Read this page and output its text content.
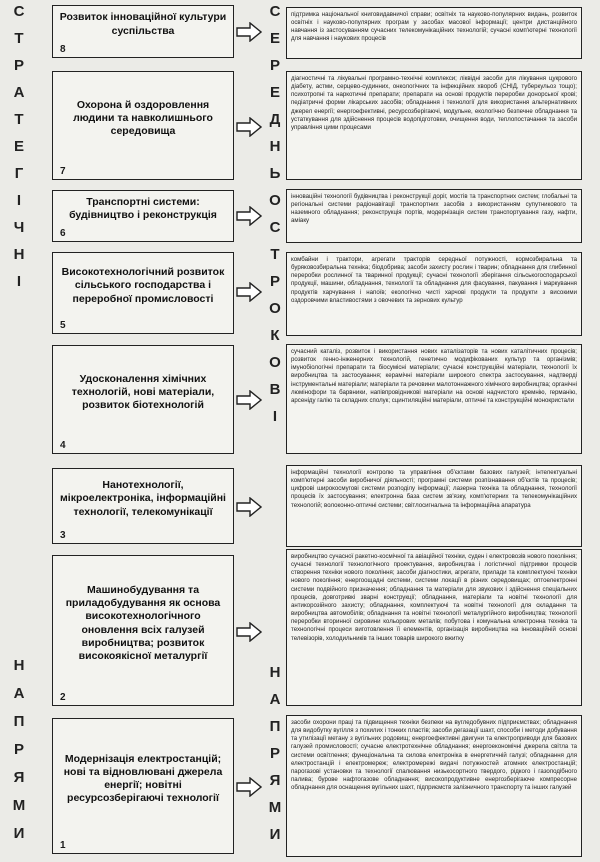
С
Т
Р
А
Т
Е
Г
І
Ч
Н
І
Н
А
П
Р
Я
М
И
С
Е
Р
Е
Д
Н
Ь
О
С
Т
Р
О
К
О
В
І
Н
А
П
Р
Я
М
И
Розвиток інноваційної культури суспільства
8
підтримка національної книговидавничої справи; освітніх та науково-популярних видань, розвиток освітніх і науково-популярних програм у засобах масової інформації; центри дистанційного навчання із застосуванням сучасних телекомунікаційних технологій; сучасні комп'ютерні технології для навчання і наукових процесів
Охорона й оздоровлення людини та навколишнього середовища
7
діагностичні та лікувальні програмно-технічні комплекси; ліквідні засоби для лікування цукрового діабету, астми, серцево-судинних, онкологічних та інфекційних хвороб (СНІД, туберкульоз тощо); психотропні та наркотичні препарати; препарати на основі продуктів переробки донорської крові; педіатричні форми лікарських засобів; обладнання і технології для використання альтернативних джерел енергії; енергоефективні, ресурсозберігаючі, модульне, екологічно безпечне обладнання та устаткування для здійснення процесів водопідготовки, очищення води, теплопостачання та засоби управління цими процесами
Транспортні системи: будівництво і реконструкція
6
інноваційні технології будівництва і реконструкції доріг, мостів та транспортних систем; глобальні та регіональні системи радіонавігації транспортних засобів з використанням супутникового та наземного обладнання; реконструкція портів, модернізація систем транспортування газу, нафти, аміаку
Високотехнологічний розвиток сільського господарства і переробної промисловості
5
комбайни і трактори, агрегати тракторів середньої потужності, кормозбиральна та буряковозбиральна техніка; біодобрива; засоби захисту рослин і тварин; обладнання для глибинної переробки рослинної та тваринної продукції; сучасні технології зберігання сільськогосподарської продукції, машини, обладнання, технології та обладнання для фасування, пакування і маркування продуктів харчування і напоїв; екологічно чисті харчові продукти та продукти з високими оздоровчими властивостями з овочевих та зернових культур
Удосконалення хімічних технологій, нові матеріали, розвиток біотехнологій
4
сучасний каталіз, розвиток і використання нових каталізаторів та нових каталітичних процесів; розвиток генно-інженерних технологій, генетично модифікованих культур та організмів; імунобіологічні препарати та біосумісні матеріали; сучасні конструкційні матеріали, технології їх виробництва та застосування; керамічні матеріали широкого спектра застосування, надтверді інструментальні матеріали; матеріали та речовини малотоннажного хімічного виробництва; органічні люмінофори та барвники, напівпровідникові матеріали на основі надчистого кремнію, германію, арсеніду галію та складних сполук; сцинтиляційні матеріали, оптичні та конструкційні монокристали
Нанотехнології, мікроелектроніка, інформаційні технології, телекомунікації
3
інформаційні технології контролю та управління об'єктами базових галузей; інтелектуальні комп'ютерні засоби виробничої діяльності; програмні системи розпізнавання об'єктів та процесів; цифрові широкосмугові системи розподілу інформації; лазерна техніка та обладнання, технології процесів їх застосування; електронна база систем зв'язку, комп'ютерних та телекомунікаційних технологій; волоконно-оптичні системи; світлосигнальна та інформаційна апаратура
Машинобудування та приладобудування як основа високотехнологічного оновлення всіх галузей виробництва; розвиток високоякісної металургії
2
виробництво сучасної ракетно-космічної та авіаційної техніки, суден і електровозів нового покоління; сучасні технології технологічного проектування, виробництва і логістичної підтримки процесів створення техніки нового покоління; засоби діагностики, агрегати, прилади та комплектуючі техніки нового покоління; енергоощадні системи, системи локації в різних середовищах; оптоелектронні системи подвійного призначення; обладнання та матеріали для звукових і здійснення спеціальних процесів, довготривкі зварні конструкції; обладнання, матеріали та новітні технології для антикорозійного захисту; обладнання, комплектуючі та новітні технології для складання та виробництва автомобілів; обладнання та новітні технології металургійного виробництва; технології переробки вторинної сировини кольорових металів; побутова і комунальна електронна техніка та технологічні процеси виготовлення її елементів, організація виробництва на інноваційній основі телевізорів, холодильників та інших товарів широкого вжитку
Модернізація електростанцій; нові та відновлювані джерела енергії; новітні ресурсозберігаючі технології
1
засоби охорони праці та підвищення техніки безпеки на вугледобувних підприємствах; обладнання для видобутку вугілля з похилих і тонких пластів; засоби дегазації шахт, способи і методи добування та утилізації метану з вугільних родовищ; енергоефективні двигуни та електроприводи для базових галузей промисловості; сучасне електротехнічне обладнання; енергоекономічні джерела світла та системи освітлення; функціональна та силова електроніка в енергетичній галузі; обладнання для електростанцій і електромереж; електромережі видачі потужностей атомних електростанцій; парогазові установки та технології спалювання низькосортного твердого, рідкого і газоподібного палива; бурове нафтогазове обладнання; високопродуктивне енергозберігаюче компресорне обладнання для оснащення вугільних шахт, підприємств залізничного транспорту та інших галузей
